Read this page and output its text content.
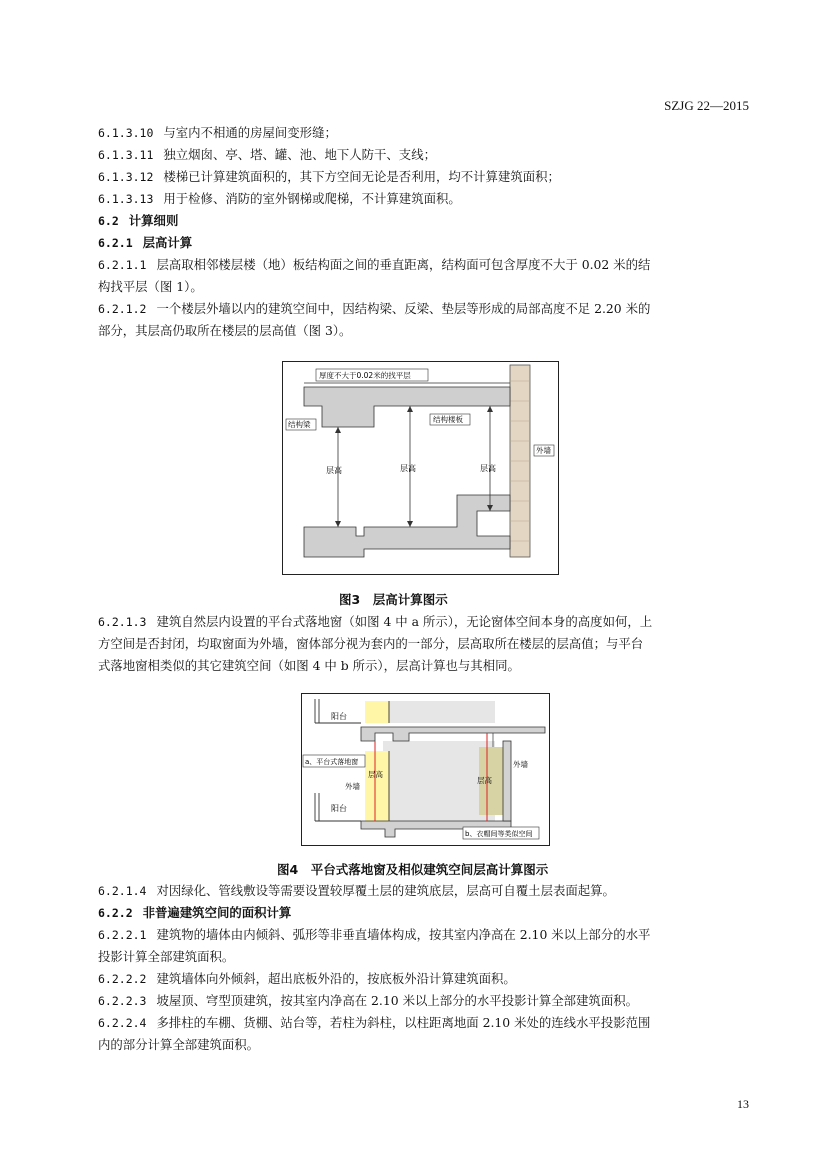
SZJG 22—2015
6.1.3.10 与室内不相通的房屋间变形缝；
6.1.3.11 独立烟囱、亭、塔、罐、池、地下人防干、支线；
6.1.3.12 楼梯已计算建筑面积的，其下方空间无论是否利用，均不计算建筑面积；
6.1.3.13 用于检修、消防的室外钢梯或爬梯，不计算建筑面积。
6.2 计算细则
6.2.1 层高计算
6.2.1.1 层高取相邻楼层楼（地）板结构面之间的垂直距离，结构面可包含厚度不大于 0.02 米的结
构找平层（图 1）。
6.2.1.2 一个楼层外墙以内的建筑空间中，因结构梁、反梁、垫层等形成的局部高度不足 2.20 米的
部分，其层高仍取所在楼层的层高值（图 3）。
厚度不大于0.02米的找平层
结构梁
结构楼板
外墙
层高	层高	层高
图3　层高计算图示
6.2.1.3 建筑自然层内设置的平台式落地窗（如图 4 中 a 所示），无论窗体空间本身的高度如何，上
方空间是否封闭，均取窗面为外墙，窗体部分视为套内的一部分，层高取所在楼层的层高值；与平台
式落地窗相类似的其它建筑空间（如图 4 中 b 所示），层高计算也与其相同。
阳台
阳台
a、平台式落地窗
外墙
层高
层高
外墙
b、衣帽间等类似空间
图4　平台式落地窗及相似建筑空间层高计算图示
6.2.1.4 对因绿化、管线敷设等需要设置较厚覆土层的建筑底层，层高可自覆土层表面起算。
6.2.2 非普遍建筑空间的面积计算
6.2.2.1 建筑物的墙体由内倾斜、弧形等非垂直墙体构成，按其室内净高在 2.10 米以上部分的水平
投影计算全部建筑面积。
6.2.2.2 建筑墙体向外倾斜，超出底板外沿的，按底板外沿计算建筑面积。
6.2.2.3 坡屋顶、穹型顶建筑，按其室内净高在 2.10 米以上部分的水平投影计算全部建筑面积。
6.2.2.4 多排柱的车棚、货棚、站台等，若柱为斜柱，以柱距离地面 2.10 米处的连线水平投影范围
内的部分计算全部建筑面积。
13
